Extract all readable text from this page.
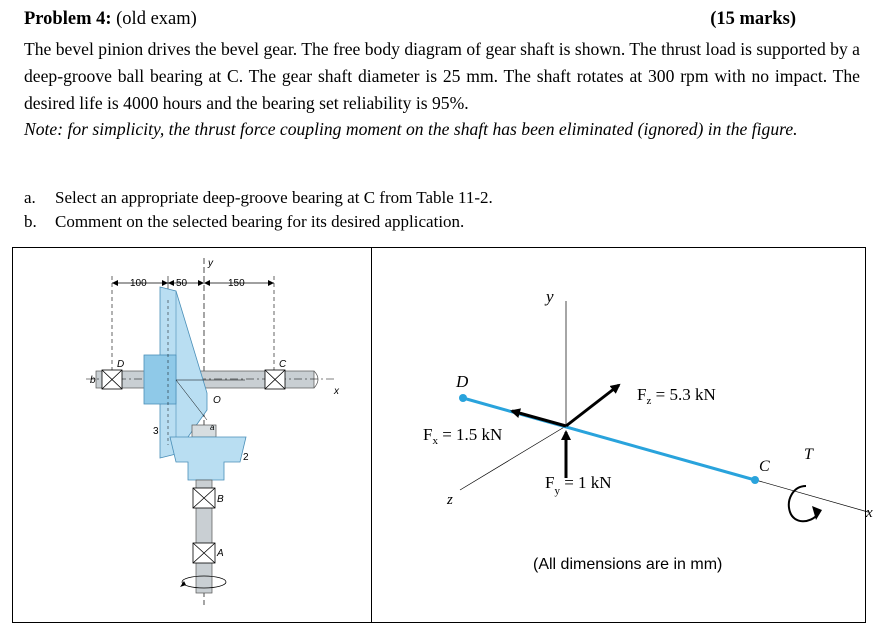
Problem 4: (old exam)	(15 marks)
The bevel pinion drives the bevel gear. The free body diagram of gear shaft is shown. The thrust load is supported by a deep-groove ball bearing at C. The gear shaft diameter is 25 mm. The shaft rotates at 300 rpm with no impact. The desired life is 4000 hours and the bearing set reliability is 95%.
Note: for simplicity, the thrust force coupling moment on the shaft has been eliminated (ignored) in the figure.
a. Select an appropriate deep-groove bearing at C from Table 11-2.
b. Comment on the selected bearing for its desired application.
100	50	150
y
b
x
D	C
3
O
a
2
B
A
y
z
x
D
C
T
$F_z = 5.3$ kN
$F_x = 1.5$ kN
$F_y = 1$ kN
(All dimensions are in mm)
